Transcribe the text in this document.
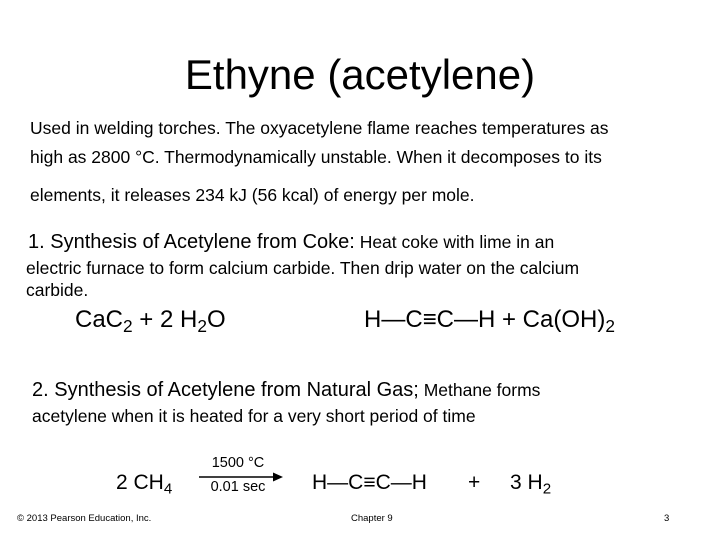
Ethyne (acetylene)
Used in welding torches. The oxyacetylene flame reaches temperatures as
high as 2800 °C. Thermodynamically unstable. When it decomposes to its
elements, it releases 234 kJ (56 kcal) of energy per mole.
1. Synthesis of Acetylene from Coke: Heat coke with lime in an
electric furnace to form calcium carbide. Then drip water on the calcium
carbide.
CaC$_2$ + 2 $H_2O$	H—C≡C—H + $Ca(OH)_2$
2. Synthesis of Acetylene from Natural Gas; Methane forms
acetylene when it is heated for a very short period of time
2 $CH_4$
1500 °C
0.01 sec	H—C≡C—H + 3 $H_2$
© 2013 Pearson Education, Inc.	Chapter 9	3
